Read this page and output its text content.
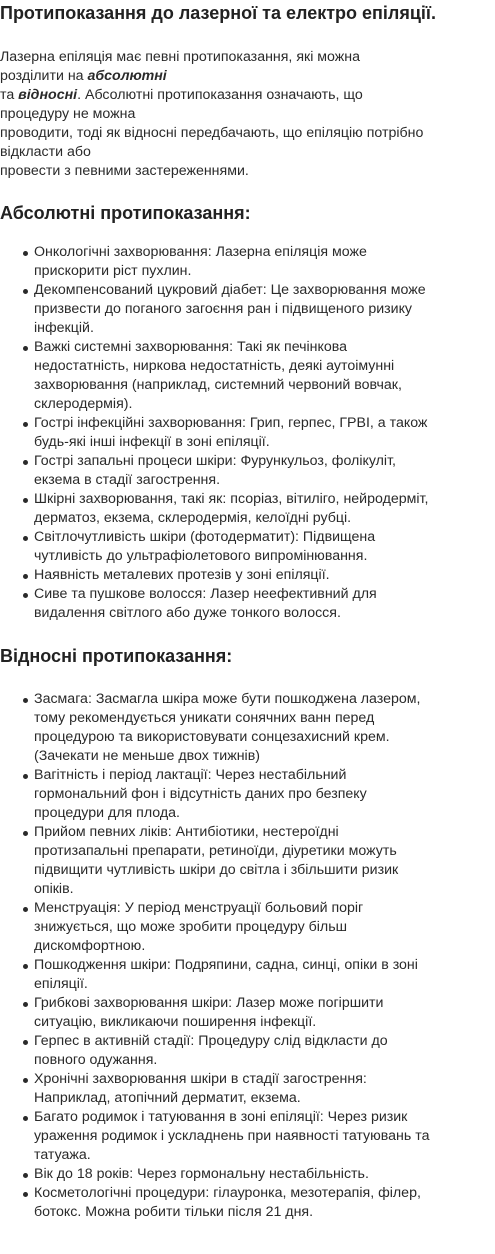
Протипоказання до лазерної та електро епіляції.

Лазерна епіляція має певні протипоказання, які можна
розділити на абсолютні
та відносні. Абсолютні протипоказання означають, що
процедуру не можна
проводити, тоді як відносні передбачають, що епіляцію потрібно
відкласти або
провести з певними застереженнями.

Абсолютні протипоказання:
Онкологічні захворювання: Лазерна епіляція може
прискорити ріст пухлин.
Декомпенсований цукровий діабет: Це захворювання може
призвести до поганого загоєння ран і підвищеного ризику
інфекцій.
Важкі системні захворювання: Такі як печінкова
недостатність, ниркова недостатність, деякі аутоімунні
захворювання (наприклад, системний червоний вовчак,
склеродермія).
Гострі інфекційні захворювання: Грип, герпес, ГРВІ, а також
будь-які інші інфекції в зоні епіляції.
Гострі запальні процеси шкіри: Фурункульоз, фолікуліт,
екзема в стадії загострення.
Шкірні захворювання, такі як: псоріаз, вітиліго, нейродерміт,
дерматоз, екзема, склеродермія, келоїдні рубці.
Світлочутливість шкіри (фотодерматит): Підвищена
чутливість до ультрафіолетового випромінювання.
Наявність металевих протезів у зоні епіляції.
Сиве та пушкове волосся: Лазер неефективний для
видалення світлого або дуже тонкого волосся.
Відносні протипоказання:
Засмага: Засмагла шкіра може бути пошкоджена лазером,
тому рекомендується уникати сонячних ванн перед
процедурою та використовувати сонцезахисний крем.
(Зачекати не меньше двох тижнів)
Вагітність і період лактації: Через нестабільний
гормональний фон і відсутність даних про безпеку
процедури для плода.
Прийом певних ліків: Антибіотики, нестероїдні
протизапальні препарати, ретиноїди, діуретики можуть
підвищити чутливість шкіри до світла і збільшити ризик
опіків.
Менструація: У період менструації больовий поріг
знижується, що може зробити процедуру більш
дискомфортною.
Пошкодження шкіри: Подряпини, садна, синці, опіки в зоні
епіляції.
Грибкові захворювання шкіри: Лазер може погіршити
ситуацію, викликаючи поширення інфекції.
Герпес в активній стадії: Процедуру слід відкласти до
повного одужання.
Хронічні захворювання шкіри в стадії загострення:
Наприклад, атопічний дерматит, екзема.
Багато родимок і татуювання в зоні епіляції: Через ризик
ураження родимок і ускладнень при наявності татуювань та
татуажа.
Вік до 18 років: Через гормональну нестабільність.
Косметологічні процедури: гілауронка, мезотерапія, філер,
ботокс. Можна робити тільки після 21 дня.
